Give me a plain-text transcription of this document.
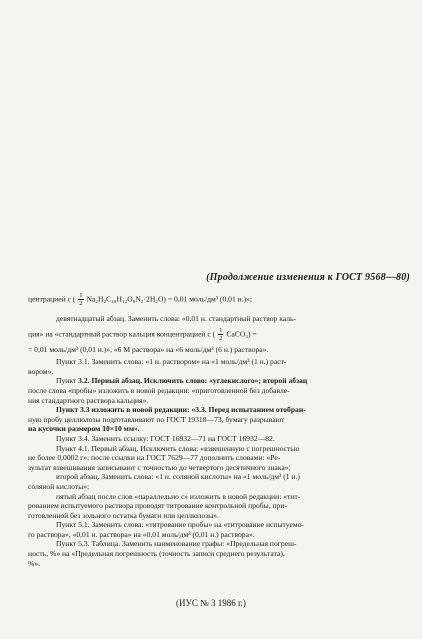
(Продолжение изменения к ГОСТ 9568—80)

центрацией с ( $\frac{1}{2} Na_2H_2C_{10}H_{12}O_8N_2\cdot 2H_2O) = 0,01$ моль/дм³ (0,01 н.)»;

девятнадцатый абзац. Заменить слова: «0,01 н. стандартный раствор каль-

ция» на «стандартный раствор кальция концентрацией с ( $\frac{1}{2}$ CaCO₃) =

= 0,01 моль/дм³ (0,01 н.)», «6 М раствора» на «6 моль/дм³ (6 н.) раствора».

Пункт 3.1. Заменить слова: «1 н. раствором» на «1 моль/дм³ (1 н.) раст-

вором».

Пункт 3.2. Первый абзац. Исключить слово: «углекислого»; второй абзац

после слова «пробы» изложить в новой редакции: «приготовленной без добавле-

ния стандартного раствора кальция».

Пункт 3.3 изложить в новой редакции: «3.3. Перед испытанием отобран-

ную пробу целлюлозы подготавливают по ГОСТ 19318—73, бумагу разрывают

на кусочки размером 10×10 мм».

Пункт 3.4. Заменить ссылку: ГОСТ 16932—71 на ГОСТ 16932—82.

Пункт 4.1. Первый абзац. Исключить слова: «взвешенную с погрешностью

не более 0,0002 г»; после ссылки на ГОСТ 7629—77 дополнить словами: «Ре-

зультат взвешивания записывают с точностью до четвертого десятичного знака»;

второй абзац. Заменить слова: «1 н. соляной кислоты» на «1 моль/дм³ (1 н.)

соляной кислоты»;

пятый абзац после слов «параллельно с» изложить в новой редакции: «тит-

рованием испытуемого раствора проводят титрование контрольной пробы, при-

готовленной без зольного остатка бумаги или целлюлозы».

Пункт 5.1. Заменить слова: «титрование пробы» на «титрование испытуемо-

го раствора», «0,01 н. раствора» на «0,01 моль/дм³ (0,01 н.) раствора».

Пункт 5.3. Таблица. Заменить наименование графы: «Предельная погреш-

ность, %» на «Предельная погрешность (точность записи среднего результата),

%».

(ИУС № 3 1986 г.)
